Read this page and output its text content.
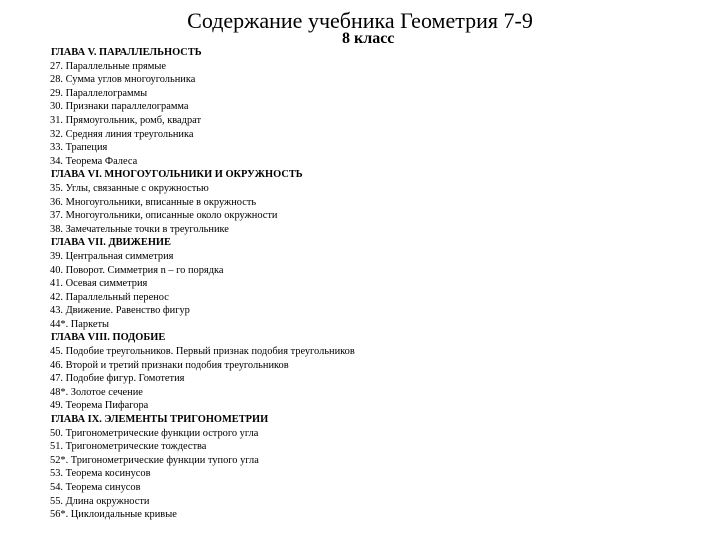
Содержание учебника Геометрия 7-9
8 класс
ГЛАВА V. ПАРАЛЛЕЛЬНОСТЬ
27. Параллельные прямые
28. Сумма углов многоугольника
29. Параллелограммы
30. Признаки параллелограмма
31. Прямоугольник, ромб, квадрат
32. Средняя линия треугольника
33. Трапеция
34. Теорема Фалеса
ГЛАВА VI. МНОГОУГОЛЬНИКИ И ОКРУЖНОСТЬ
35. Углы, связанные с окружностью
36. Многоугольники, вписанные в окружность
37. Многоугольники, описанные около окружности
38. Замечательные точки в треугольнике
ГЛАВА VII. ДВИЖЕНИЕ
39. Центральная симметрия
40. Поворот. Симметрия n – го порядка
41. Осевая симметрия
42. Параллельный перенос
43. Движение. Равенство фигур
44*. Паркеты
ГЛАВА VIII. ПОДОБИЕ
45. Подобие треугольников. Первый признак подобия треугольников
46. Второй и третий признаки подобия треугольников
47. Подобие фигур. Гомотетия
48*. Золотое сечение
49. Теорема Пифагора
ГЛАВА IX. ЭЛЕМЕНТЫ ТРИГОНОМЕТРИИ
50. Тригонометрические функции острого угла
51. Тригонометрические тождества
52*. Тригонометрические функции тупого угла
53. Теорема косинусов
54. Теорема синусов
55. Длина окружности
56*. Циклоидальные кривые
